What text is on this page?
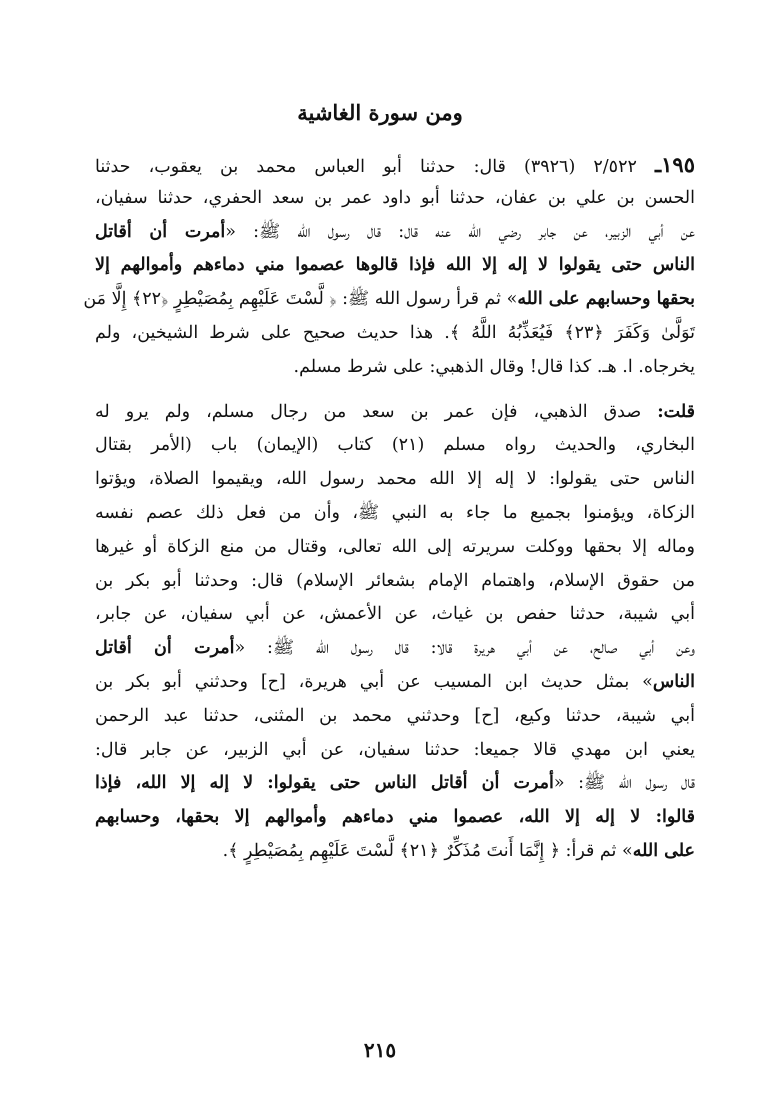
ومن سورة الغاشية
١٩٥ـ ٢/٥٢٢ (٣٩٢٦) قال: حدثنا أبو العباس محمد بن يعقوب، حدثنا
الحسن بن علي بن عفان، حدثنا أبو داود عمر بن سعد الحفري، حدثنا سفيان،
عن أبي الزبير، عن جابر رضي الله عنه قال: قال رسول الله ﷺ: «أمرت أن أقاتل
الناس حتى يقولوا لا إله إلا الله فإذا قالوها عصموا مني دماءهم وأموالهم إلا
بحقها وحسابهم على الله» ثم قرأ رسول الله ﷺ: ﴿ لَّسْتَ عَلَيْهِم بِمُصَيْطِرٍ ﴿٢٢﴾ إِلَّا مَن
تَوَلَّىٰ وَكَفَرَ ﴿٢٣﴾ فَيُعَذِّبُهُ اللَّهُ ﴾. هذا حديث صحيح على شرط الشيخين، ولم
يخرجاه. ا. هـ. كذا قال! وقال الذهبي: على شرط مسلم.
قلت: صدق الذهبي، فإن عمر بن سعد من رجال مسلم، ولم يرو له
البخاري، والحديث رواه مسلم (٢١) كتاب (الإيمان) باب (الأمر بقتال
الناس حتى يقولوا: لا إله إلا الله محمد رسول الله، ويقيموا الصلاة، ويؤتوا
الزكاة، ويؤمنوا بجميع ما جاء به النبي ﷺ، وأن من فعل ذلك عصم نفسه
وماله إلا بحقها ووكلت سريرته إلى الله تعالى، وقتال من منع الزكاة أو غيرها
من حقوق الإسلام، واهتمام الإمام بشعائر الإسلام) قال: وحدثنا أبو بكر بن
أبي شيبة، حدثنا حفص بن غياث، عن الأعمش، عن أبي سفيان، عن جابر،
وعن أبي صالح، عن أبي هريرة قالا: قال رسول الله ﷺ: «أمرت أن أقاتل
الناس» بمثل حديث ابن المسيب عن أبي هريرة، [ح] وحدثني أبو بكر بن
أبي شيبة، حدثنا وكيع، [ح] وحدثني محمد بن المثنى، حدثنا عبد الرحمن
يعني ابن مهدي قالا جميعا: حدثنا سفيان، عن أبي الزبير، عن جابر قال:
قال رسول الله ﷺ: «أمرت أن أقاتل الناس حتى يقولوا: لا إله إلا الله، فإذا
قالوا: لا إله إلا الله، عصموا مني دماءهم وأموالهم إلا بحقها، وحسابهم
على الله» ثم قرأ: ﴿ إِنَّمَا أَنتَ مُذَكِّرٌ ﴿٢١﴾ لَّسْتَ عَلَيْهِم بِمُصَيْطِرٍ ﴾.
٢١٥
